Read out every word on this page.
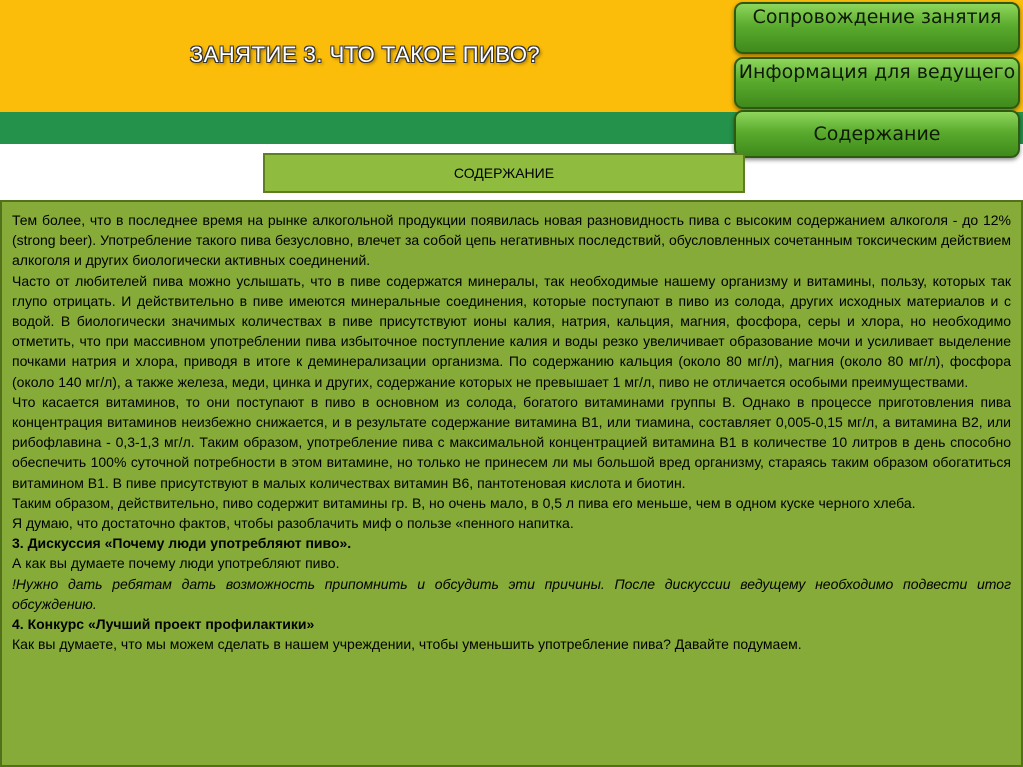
ЗАНЯТИЕ 3. ЧТО ТАКОЕ ПИВО?
Сопровождение занятия
Информация для ведущего
Содержание
СОДЕРЖАНИЕ

Тем более, что в последнее время на рынке алкогольной продукции появилась новая разновидность пива с высоким содержанием алкоголя - до 12% (strong beer). Употребление такого пива безусловно, влечет за собой цепь негативных последствий, обусловленных сочетанным токсическим действием алкоголя и других биологически активных соединений.

Часто от любителей пива можно услышать, что в пиве содержатся минералы, так необходимые нашему организму и витамины, пользу, которых так глупо отрицать. И действительно в пиве имеются минеральные соединения, которые поступают в пиво из солода, других исходных материалов и с водой. В биологически значимых количествах в пиве присутствуют ионы калия, натрия, кальция, магния, фосфора, серы и хлора, но необходимо отметить, что при массивном употреблении пива избыточное поступление калия и воды резко увеличивает образование мочи и усиливает выделение почками натрия и хлора, приводя в итоге к деминерализации организма. По содержанию кальция (около 80 мг/л), магния (около 80 мг/л), фосфора (около 140 мг/л), а также железа, меди, цинка и других, содержание которых не превышает 1 мг/л, пиво не отличается особыми преимуществами.

Что касается витаминов, то они поступают в пиво в основном из солода, богатого витаминами группы В. Однако в процессе приготовления пива концентрация витаминов неизбежно снижается, и в результате содержание витамина В1, или тиамина, составляет 0,005-0,15 мг/л, а витамина В2, или рибофлавина - 0,3-1,3 мг/л. Таким образом, употребление пива с максимальной концентрацией витамина В1 в количестве 10 литров в день способно обеспечить 100% суточной потребности в этом витамине, но только не принесем ли мы большой вред организму, стараясь таким образом обогатиться витамином В1. В пиве присутствуют в малых количествах витамин В6, пантотеновая кислота и биотин.

Таким образом, действительно, пиво содержит витамины гр. В, но очень мало, в 0,5 л пива его меньше, чем в одном куске черного хлеба.

Я думаю, что достаточно фактов, чтобы разоблачить миф о пользе «пенного напитка.

3. Дискуссия «Почему люди употребляют пиво».

А как вы думаете почему люди употребляют пиво.

!Нужно дать ребятам дать возможность припомнить и обсудить эти причины. После дискуссии ведущему необходимо подвести итог обсуждению.

4. Конкурс «Лучший проект профилактики»

Как вы думаете, что мы можем сделать в нашем учреждении, чтобы уменьшить употребление пива? Давайте подумаем.
